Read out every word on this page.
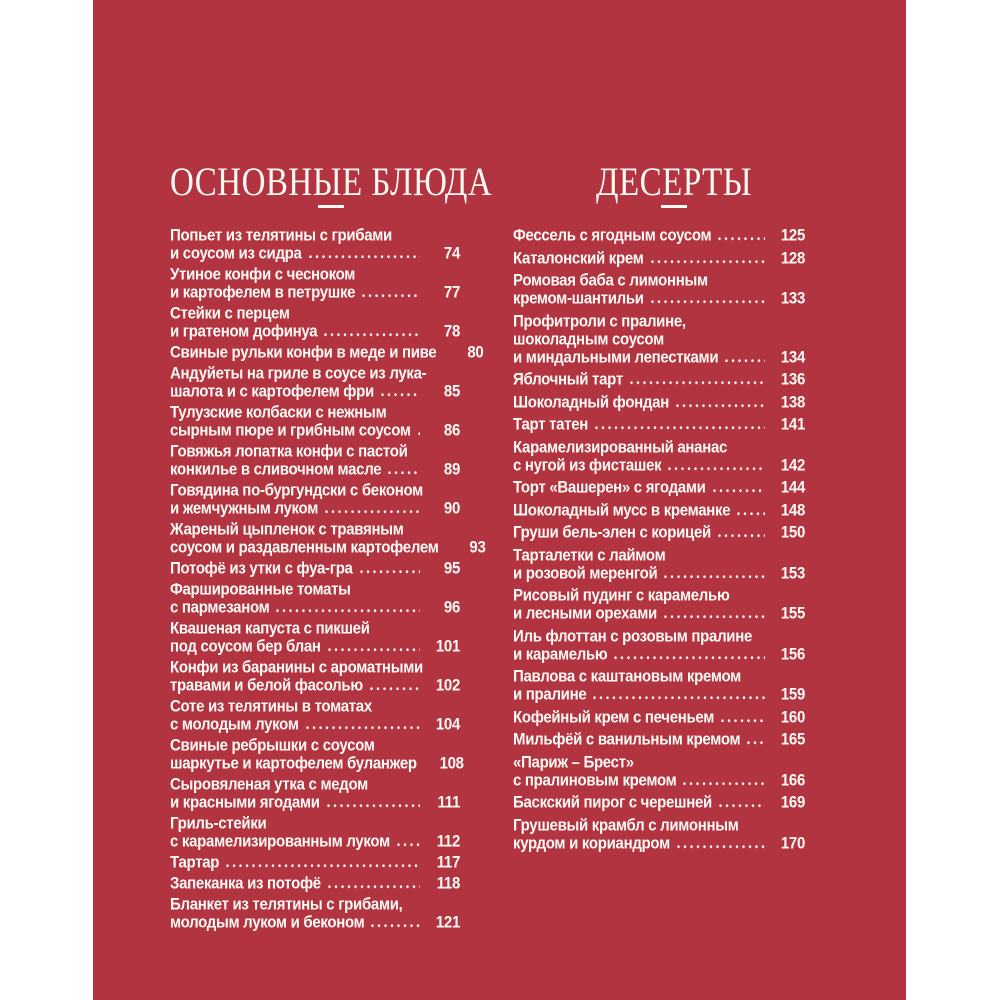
ОСНОВНЫЕ БЛЮДА
Попьет из телятины с грибами
и соусом из сидра	74
Утиное конфи с чесноком
и картофелем в петрушке	77
Стейки с перцем
и гратеном дофинуа	78
Свиные рульки конфи в меде и пиве	80
Андуйеты на гриле в соусе из лука-
шалота и с картофелем фри	85
Тулузские колбаски с нежным
сырным пюре и грибным соусом	86
Говяжья лопатка конфи с пастой
конкилье в сливочном масле	89
Говядина по-бургундски с беконом
и жемчужным луком	90
Жареный цыпленок с травяным
соусом и раздавленным картофелем	93
Потофё из утки с фуа-гра	95
Фаршированные томаты
с пармезаном	96
Квашеная капуста с пикшей
под соусом бер блан	101
Конфи из баранины с ароматными
травами и белой фасолью	102
Соте из телятины в томатах
с молодым луком	104
Свиные ребрышки с соусом
шаркутье и картофелем буланжер	108
Сыровяленая утка с медом
и красными ягодами	111
Гриль-стейки
с карамелизированным луком	112
Тартар	117
Запеканка из потофё	118
Бланкет из телятины с грибами,
молодым луком и беконом	121
ДЕСЕРТЫ
Фессель с ягодным соусом	125
Каталонский крем	128
Ромовая баба с лимонным
кремом-шантильи	133
Профитроли с пралине,
шоколадным соусом
и миндальными лепестками	134
Яблочный тарт	136
Шоколадный фондан	138
Тарт татен	141
Карамелизированный ананас
с нугой из фисташек	142
Торт «Вашерен» с ягодами	144
Шоколадный мусс в креманке	148
Груши бель-элен с корицей	150
Тарталетки с лаймом
и розовой меренгой	153
Рисовый пудинг с карамелью
и лесными орехами	155
Иль флоттан с розовым пралине
и карамелью	156
Павлова с каштановым кремом
и пралине	159
Кофейный крем с печеньем	160
Мильфёй с ванильным кремом	165
«Париж – Брест»
с пралиновым кремом	166
Баскский пирог с черешней	169
Грушевый крамбл с лимонным
курдом и кориандром	170
